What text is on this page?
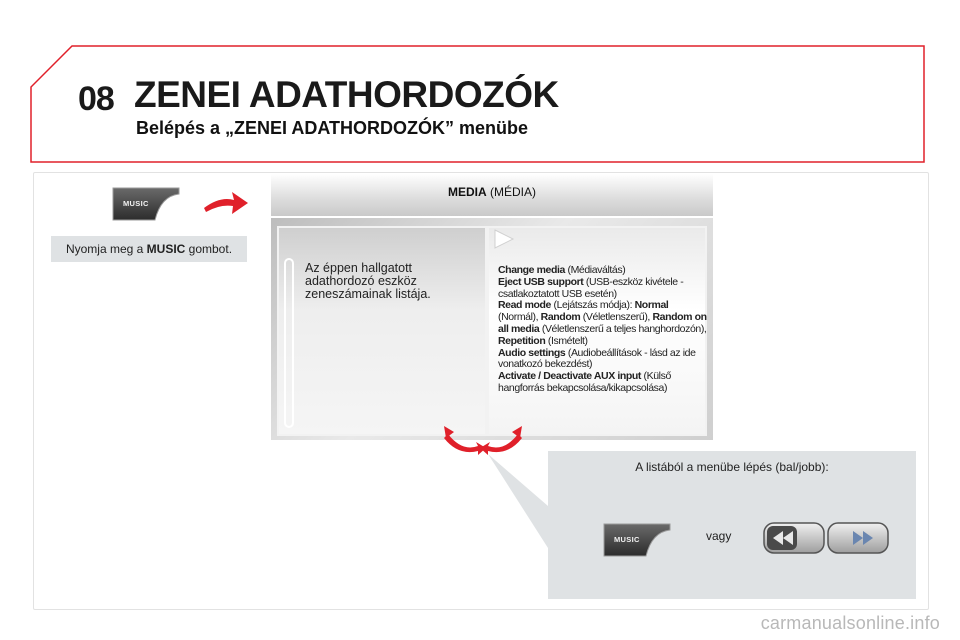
08 ZENEI ADATHORDOZÓK
Belépés a „ZENEI ADATHORDOZÓK” menübe
MUSIC
Nyomja meg a MUSIC gombot.
MEDIA (MÉDIA)
Az éppen hallgatott adathordozó eszköz zeneszámainak listája.
Change media (Médiaváltás)
Eject USB support (USB-eszköz kivétele - csatlakoztatott USB esetén)
Read mode (Lejátszás módja): Normal (Normál), Random (Véletlenszerű), Random on all media (Véletlenszerű a teljes hanghordozón), Repetition (Ismételt)
Audio settings (Audiobeállítások - lásd az ide vonatkozó bekezdést)
Activate / Deactivate AUX input (Külső hangforrás bekapcsolása/kikapcsolása)

A listából a menübe lépés (bal/jobb):
MUSIC	vagy
carmanualsonline.info
